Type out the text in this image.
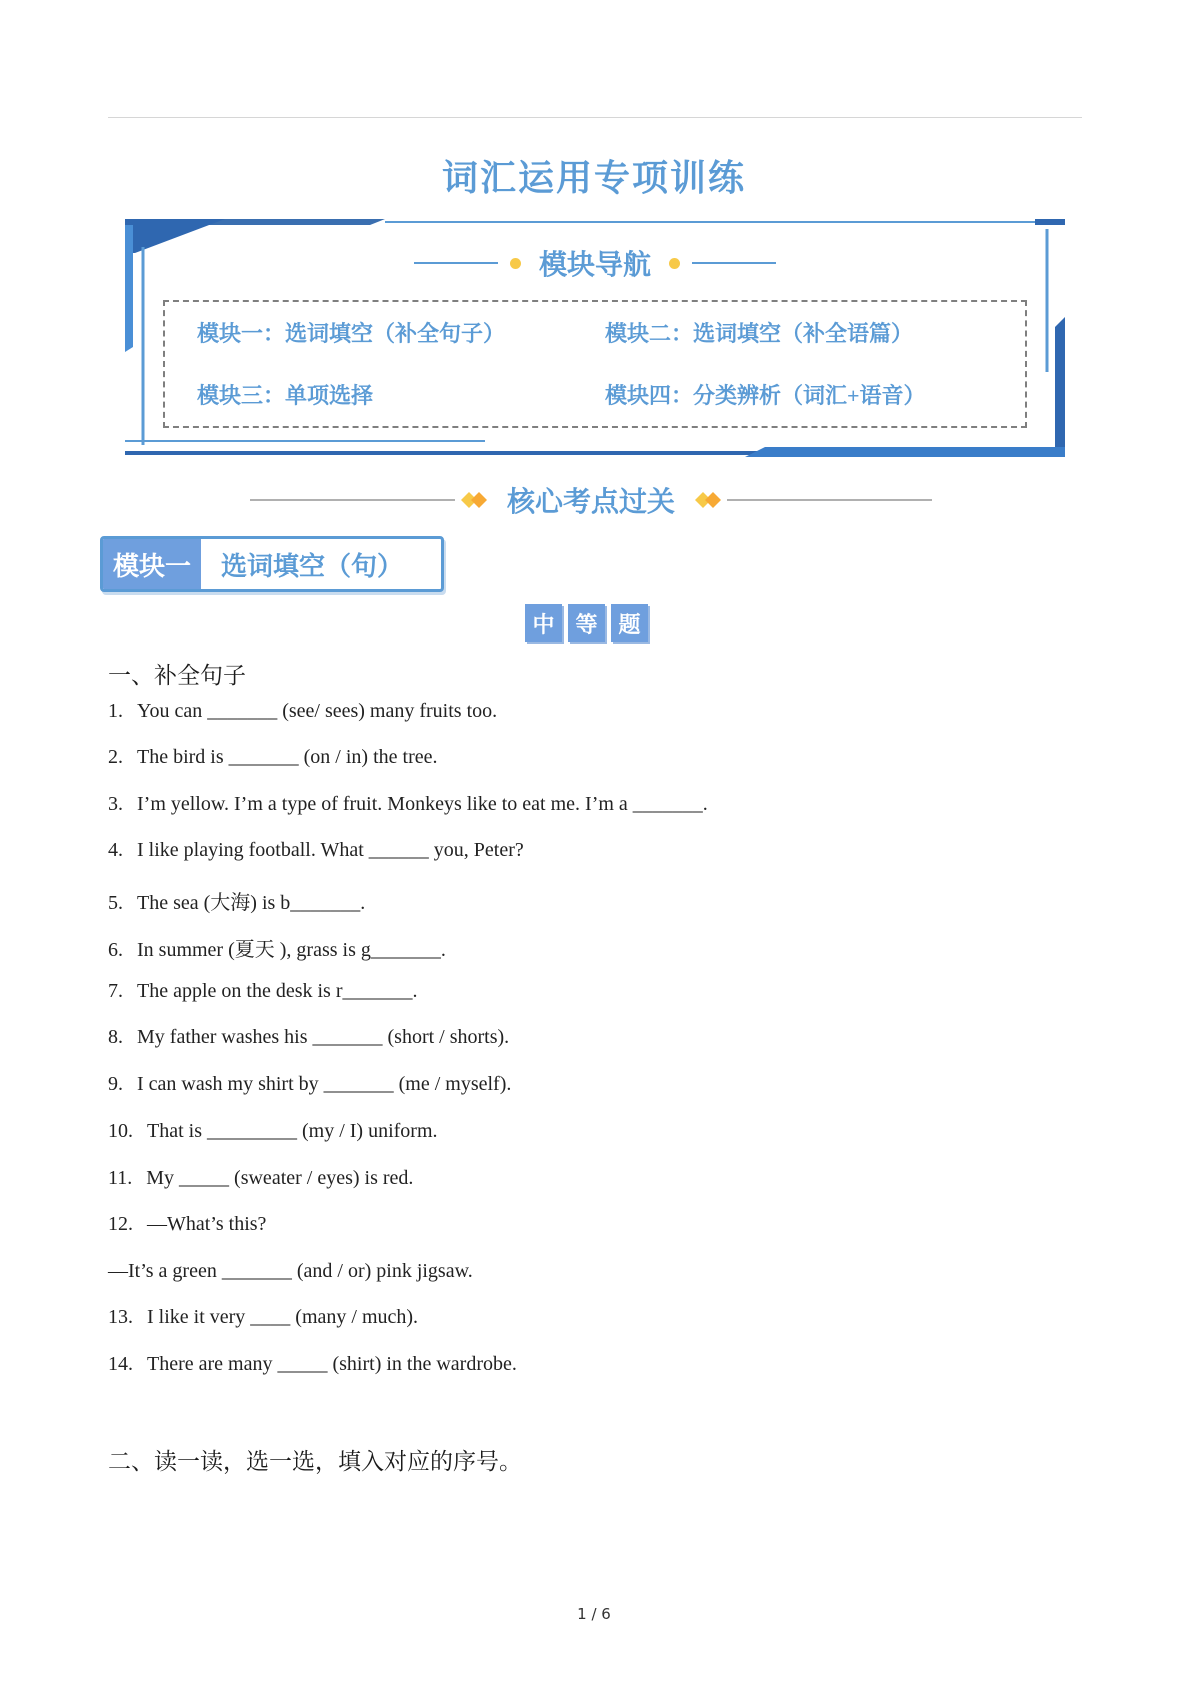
词汇运用专项训练
模块导航
模块一：选词填空（补全句子）	模块二：选词填空（补全语篇）
模块三：单项选择	模块四：分类辨析（词汇+语音）
核心考点过关
模块一	选词填空（句）
中 等 题
一、补全句子
1. You can _______ (see/ sees) many fruits too.
2. The bird is _______ (on / in) the tree.
3. I’m yellow. I’m a type of fruit. Monkeys like to eat me. I’m a _______.
4. I like playing football. What ______ you, Peter?
5. The sea (大海) is b_______.
6. In summer (夏天 ), grass is g_______.
7. The apple on the desk is r_______.
8. My father washes his _______ (short / shorts).
9. I can wash my shirt by _______ (me / myself).
10. That is _________ (my / I) uniform.
11. My _____ (sweater / eyes) is red.
12. —What’s this?
—It’s a green _______ (and / or) pink jigsaw.
13. I like it very ____ (many / much).
14. There are many _____ (shirt) in the wardrobe.
二、读一读，选一选，填入对应的序号。
1 / 6
